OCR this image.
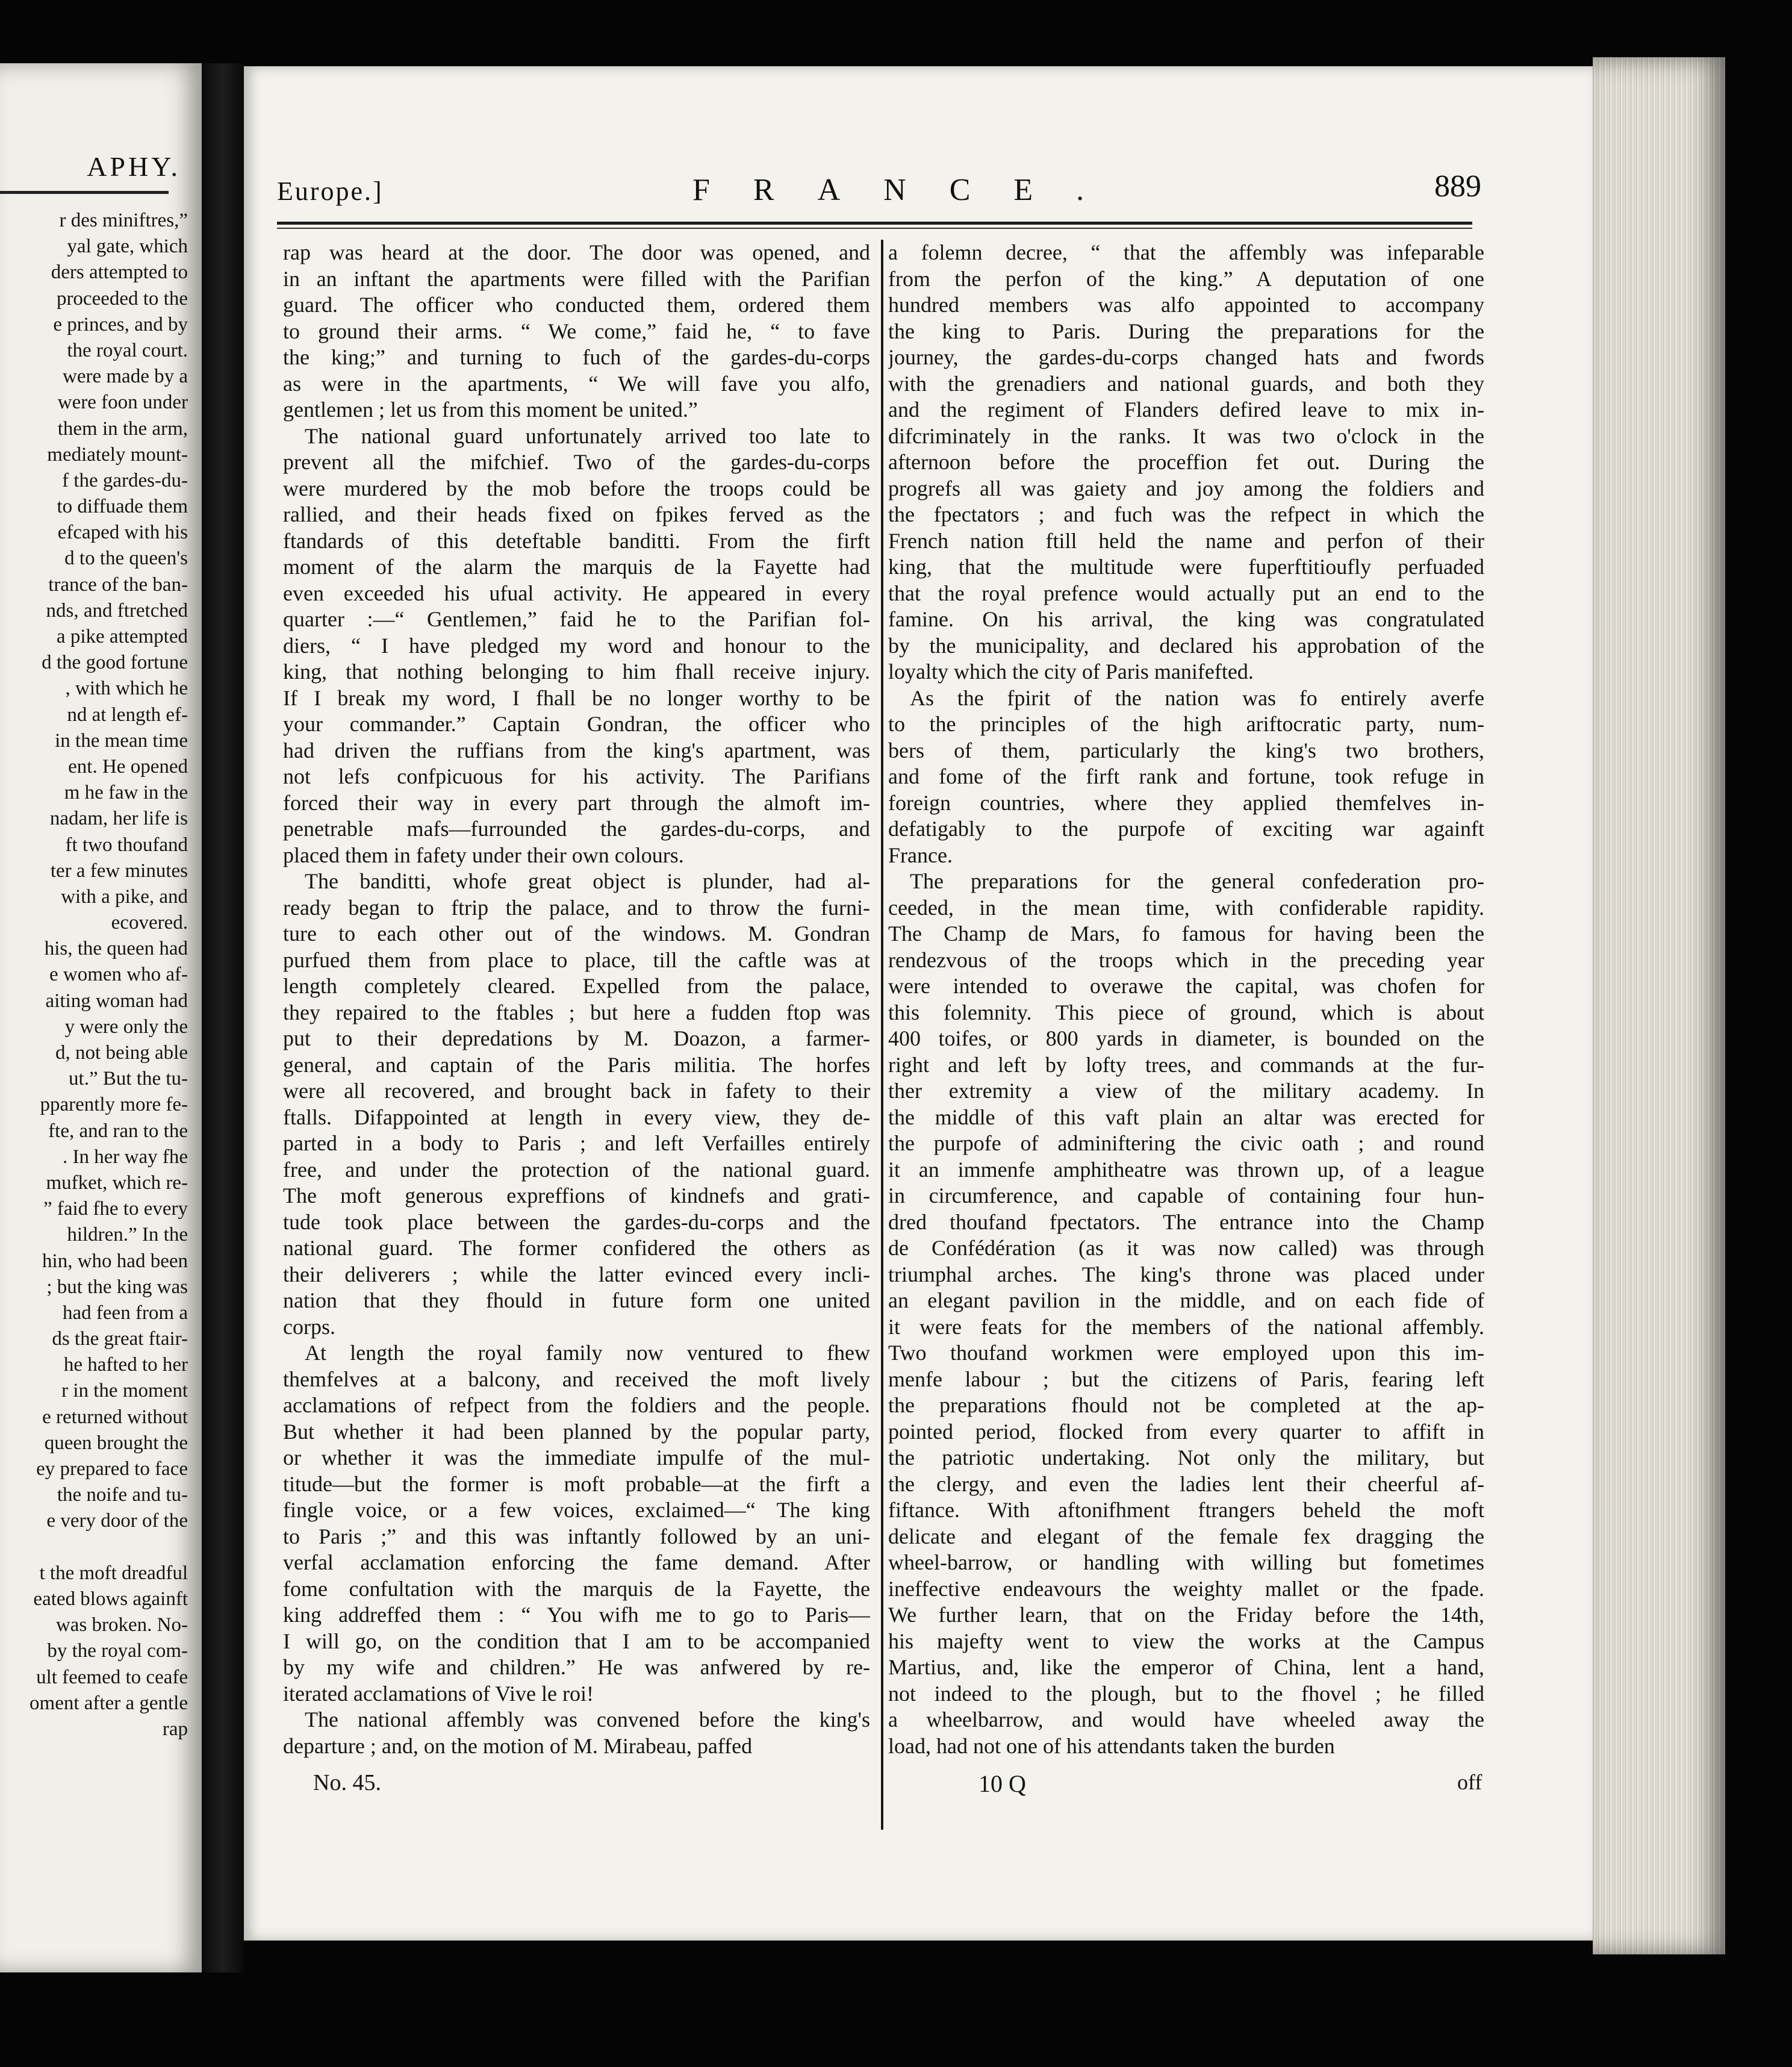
APHY.
r des miniftres,”
yal gate, which
ders attempted to
proceeded to the
e princes, and by
the royal court.
were made by a
were foon under
them in the arm,
mediately mount-
f the gardes-du-
to diffuade them
efcaped with his
d to the queen's
trance of the ban-
nds, and ftretched
a pike attempted
d the good fortune
, with which he
nd at length ef-
in the mean time
ent. He opened
m he faw in the
nadam, her life is
ft two thoufand
ter a few minutes
with a pike, and
ecovered.
his, the queen had
e women who af-
aiting woman had
y were only the
d, not being able
ut.” But the tu-
pparently more fe-
fte, and ran to the
. In her way fhe
mufket, which re-
” faid fhe to every
hildren.” In the
hin, who had been
; but the king was
had feen from a
ds the great ftair-
he hafted to her
r in the moment
e returned without
queen brought the
ey prepared to face
the noife and tu-
e very door of the
t the moft dreadful
eated blows againft
was broken. No-
by the royal com-
ult feemed to ceafe
oment after a gentle
rap
Europe.]	FRANCE.	889
rap was heard at the door. The door was opened, and
in an inftant the apartments were filled with the Parifian
guard. The officer who conducted them, ordered them
to ground their arms. “ We come,” faid he, “ to fave
the king;” and turning to fuch of the gardes-du-corps
as were in the apartments, “ We will fave you alfo,
gentlemen ; let us from this moment be united.”
The national guard unfortunately arrived too late to
prevent all the mifchief. Two of the gardes-du-corps
were murdered by the mob before the troops could be
rallied, and their heads fixed on fpikes ferved as the
ftandards of this deteftable banditti. From the firft
moment of the alarm the marquis de la Fayette had
even exceeded his ufual activity. He appeared in every
quarter :—“ Gentlemen,” faid he to the Parifian fol-
diers, “ I have pledged my word and honour to the
king, that nothing belonging to him fhall receive injury.
If I break my word, I fhall be no longer worthy to be
your commander.” Captain Gondran, the officer who
had driven the ruffians from the king's apartment, was
not lefs confpicuous for his activity. The Parifians
forced their way in every part through the almoft im-
penetrable mafs—furrounded the gardes-du-corps, and
placed them in fafety under their own colours.
The banditti, whofe great object is plunder, had al-
ready began to ftrip the palace, and to throw the furni-
ture to each other out of the windows. M. Gondran
purfued them from place to place, till the caftle was at
length completely cleared. Expelled from the palace,
they repaired to the ftables ; but here a fudden ftop was
put to their depredations by M. Doazon, a farmer-
general, and captain of the Paris militia. The horfes
were all recovered, and brought back in fafety to their
ftalls. Difappointed at length in every view, they de-
parted in a body to Paris ; and left Verfailles entirely
free, and under the protection of the national guard.
The moft generous expreffions of kindnefs and grati-
tude took place between the gardes-du-corps and the
national guard. The former confidered the others as
their deliverers ; while the latter evinced every incli-
nation that they fhould in future form one united
corps.
At length the royal family now ventured to fhew
themfelves at a balcony, and received the moft lively
acclamations of refpect from the foldiers and the people.
But whether it had been planned by the popular party,
or whether it was the immediate impulfe of the mul-
titude—but the former is moft probable—at the firft a
fingle voice, or a few voices, exclaimed—“ The king
to Paris ;” and this was inftantly followed by an uni-
verfal acclamation enforcing the fame demand. After
fome confultation with the marquis de la Fayette, the
king addreffed them : “ You wifh me to go to Paris—
I will go, on the condition that I am to be accompanied
by my wife and children.” He was anfwered by re-
iterated acclamations of Vive le roi!
The national affembly was convened before the king's
departure ; and, on the motion of M. Mirabeau, paffed
a folemn decree, “ that the affembly was infeparable
from the perfon of the king.” A deputation of one
hundred members was alfo appointed to accompany
the king to Paris. During the preparations for the
journey, the gardes-du-corps changed hats and fwords
with the grenadiers and national guards, and both they
and the regiment of Flanders defired leave to mix in-
difcriminately in the ranks. It was two o'clock in the
afternoon before the proceffion fet out. During the
progrefs all was gaiety and joy among the foldiers and
the fpectators ; and fuch was the refpect in which the
French nation ftill held the name and perfon of their
king, that the multitude were fuperftitioufly perfuaded
that the royal prefence would actually put an end to the
famine. On his arrival, the king was congratulated
by the municipality, and declared his approbation of the
loyalty which the city of Paris manifefted.
As the fpirit of the nation was fo entirely averfe
to the principles of the high ariftocratic party, num-
bers of them, particularly the king's two brothers,
and fome of the firft rank and fortune, took refuge in
foreign countries, where they applied themfelves in-
defatigably to the purpofe of exciting war againft
France.
The preparations for the general confederation pro-
ceeded, in the mean time, with confiderable rapidity.
The Champ de Mars, fo famous for having been the
rendezvous of the troops which in the preceding year
were intended to overawe the capital, was chofen for
this folemnity. This piece of ground, which is about
400 toifes, or 800 yards in diameter, is bounded on the
right and left by lofty trees, and commands at the fur-
ther extremity a view of the military academy. In
the middle of this vaft plain an altar was erected for
the purpofe of adminiftering the civic oath ; and round
it an immenfe amphitheatre was thrown up, of a league
in circumference, and capable of containing four hun-
dred thoufand fpectators. The entrance into the Champ
de Confédération (as it was now called) was through
triumphal arches. The king's throne was placed under
an elegant pavilion in the middle, and on each fide of
it were feats for the members of the national affembly.
Two thoufand workmen were employed upon this im-
menfe labour ; but the citizens of Paris, fearing left
the preparations fhould not be completed at the ap-
pointed period, flocked from every quarter to affift in
the patriotic undertaking. Not only the military, but
the clergy, and even the ladies lent their cheerful af-
fiftance. With aftonifhment ftrangers beheld the moft
delicate and elegant of the female fex dragging the
wheel-barrow, or handling with willing but fometimes
ineffective endeavours the weighty mallet or the fpade.
We further learn, that on the Friday before the 14th,
his majefty went to view the works at the Campus
Martius, and, like the emperor of China, lent a hand,
not indeed to the plough, but to the fhovel ; he filled
a wheelbarrow, and would have wheeled away the
load, had not one of his attendants taken the burden
No. 45.	10 Q	off
